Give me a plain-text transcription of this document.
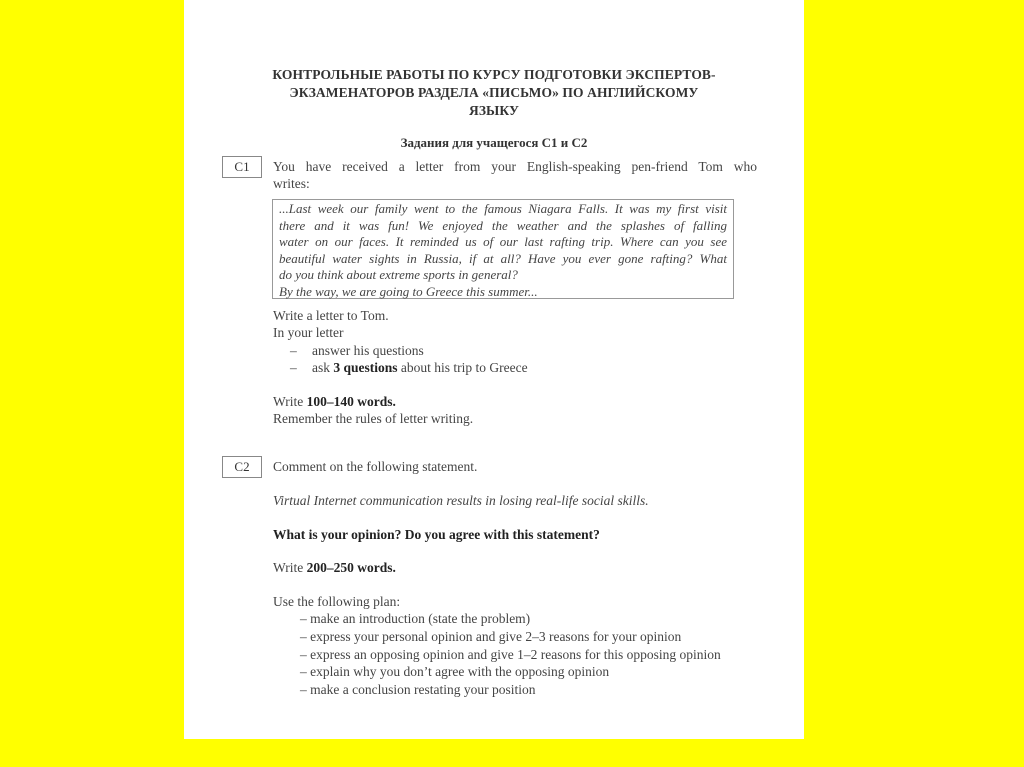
КОНТРОЛЬНЫЕ РАБОТЫ ПО КУРСУ ПОДГОТОВКИ ЭКСПЕРТОВ-
ЭКЗАМЕНАТОРОВ РАЗДЕЛА «ПИСЬМО» ПО АНГЛИЙСКОМУ
ЯЗЫКУ
Задания для учащегося С1 и С2
C1	You have received a letter from your English-speaking pen-friend Tom who
writes:
...Last week our family went to the famous Niagara Falls. It was my first visit
there and it was fun! We enjoyed the weather and the splashes of falling
water on our faces. It reminded us of our last rafting trip. Where can you see
beautiful water sights in Russia, if at all? Have you ever gone rafting? What
do you think about extreme sports in general?
By the way, we are going to Greece this summer...
Write a letter to Tom.
In your letter
– answer his questions
– ask 3 questions about his trip to Greece
Write 100–140 words.
Remember the rules of letter writing.
C2	Comment on the following statement.
Virtual Internet communication results in losing real-life social skills.
What is your opinion? Do you agree with this statement?
Write 200–250 words.
Use the following plan:
– make an introduction (state the problem)
– express your personal opinion and give 2–3 reasons for your opinion
– express an opposing opinion and give 1–2 reasons for this opposing opinion
– explain why you don’t agree with the opposing opinion
– make a conclusion restating your position
